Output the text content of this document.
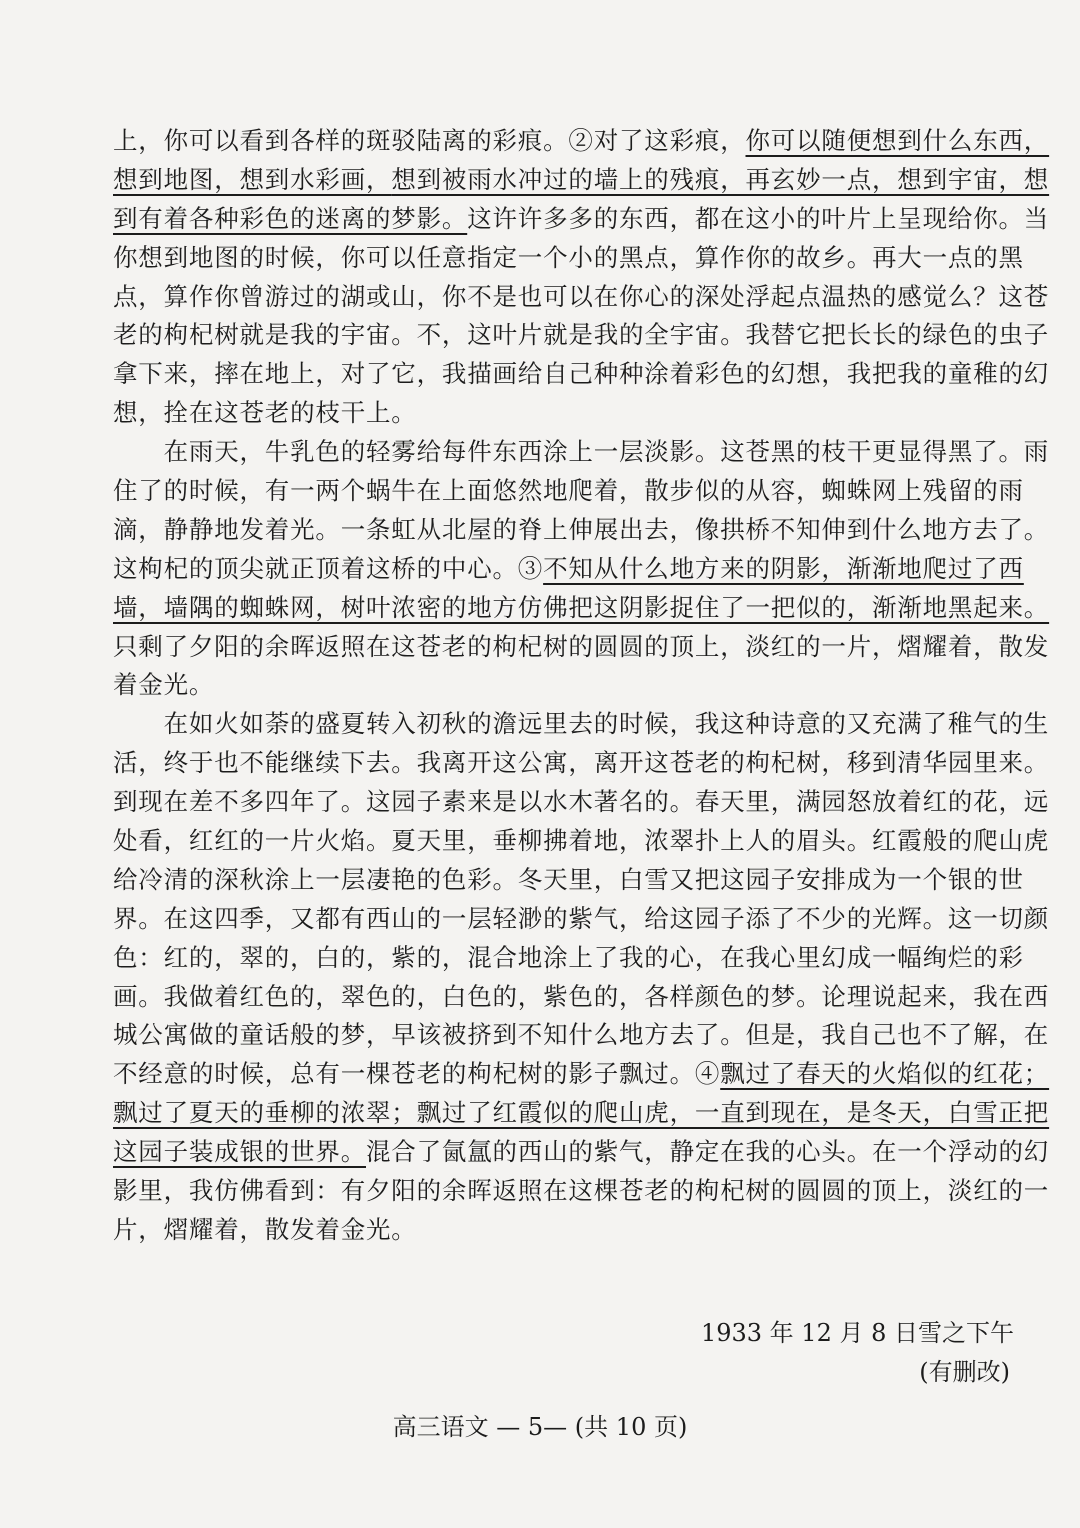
上，你可以看到各样的斑驳陆离的彩痕。②对了这彩痕，你可以随便想到什么东西，
想到地图，想到水彩画，想到被雨水冲过的墙上的残痕，再玄妙一点，想到宇宙，想
到有着各种彩色的迷离的梦影。这许许多多的东西，都在这小的叶片上呈现给你。当
你想到地图的时候，你可以任意指定一个小的黑点，算作你的故乡。再大一点的黑
点，算作你曾游过的湖或山，你不是也可以在你心的深处浮起点温热的感觉么？这苍
老的枸杞树就是我的宇宙。不，这叶片就是我的全宇宙。我替它把长长的绿色的虫子
拿下来，摔在地上，对了它，我描画给自己种种涂着彩色的幻想，我把我的童稚的幻
想，拴在这苍老的枝干上。
　　在雨天，牛乳色的轻雾给每件东西涂上一层淡影。这苍黑的枝干更显得黑了。雨
住了的时候，有一两个蜗牛在上面悠然地爬着，散步似的从容，蜘蛛网上残留的雨
滴，静静地发着光。一条虹从北屋的脊上伸展出去，像拱桥不知伸到什么地方去了。
这枸杞的顶尖就正顶着这桥的中心。③不知从什么地方来的阴影，渐渐地爬过了西
墙，墙隅的蜘蛛网，树叶浓密的地方仿佛把这阴影捉住了一把似的，渐渐地黑起来。
只剩了夕阳的余晖返照在这苍老的枸杞树的圆圆的顶上，淡红的一片，熠耀着，散发
着金光。
　　在如火如荼的盛夏转入初秋的澹远里去的时候，我这种诗意的又充满了稚气的生
活，终于也不能继续下去。我离开这公寓，离开这苍老的枸杞树，移到清华园里来。
到现在差不多四年了。这园子素来是以水木著名的。春天里，满园怒放着红的花，远
处看，红红的一片火焰。夏天里，垂柳拂着地，浓翠扑上人的眉头。红霞般的爬山虎
给冷清的深秋涂上一层凄艳的色彩。冬天里，白雪又把这园子安排成为一个银的世
界。在这四季，又都有西山的一层轻渺的紫气，给这园子添了不少的光辉。这一切颜
色：红的，翠的，白的，紫的，混合地涂上了我的心，在我心里幻成一幅绚烂的彩
画。我做着红色的，翠色的，白色的，紫色的，各样颜色的梦。论理说起来，我在西
城公寓做的童话般的梦，早该被挤到不知什么地方去了。但是，我自己也不了解，在
不经意的时候，总有一棵苍老的枸杞树的影子飘过。④飘过了春天的火焰似的红花；
飘过了夏天的垂柳的浓翠；飘过了红霞似的爬山虎，一直到现在，是冬天，白雪正把
这园子装成银的世界。混合了氤氲的西山的紫气，静定在我的心头。在一个浮动的幻
影里，我仿佛看到：有夕阳的余晖返照在这棵苍老的枸杞树的圆圆的顶上，淡红的一
片，熠耀着，散发着金光。
1933 年 12 月 8 日雪之下午
(有删改)
高三语文 — 5— (共 10 页)
